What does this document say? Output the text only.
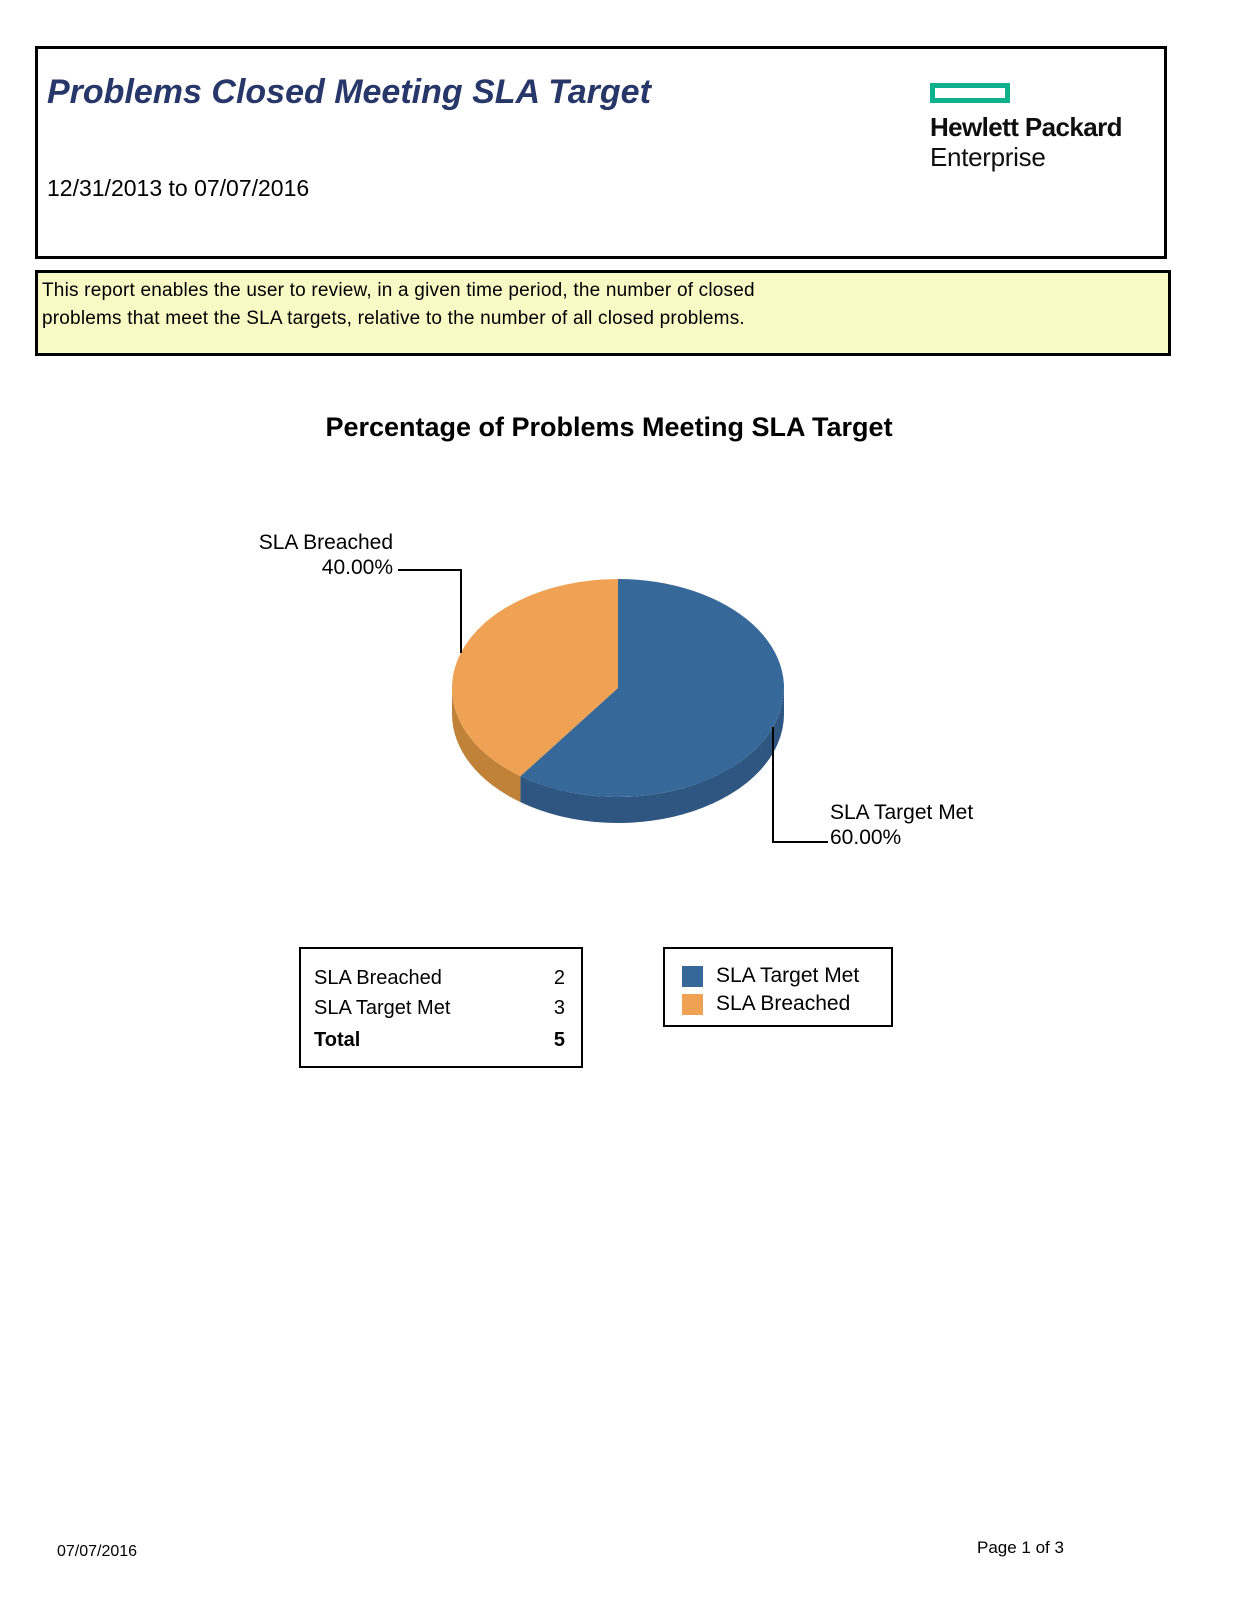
Problems Closed Meeting SLA Target
12/31/2013 to 07/07/2016
Hewlett Packard
Enterprise
This report enables the user to review, in a given time period, the number of closed
problems that meet the SLA targets, relative to the number of all closed problems.
Percentage of Problems Meeting SLA Target
SLA Breached
40.00%
SLA Target Met
60.00%
SLA Breached	2
SLA Target Met	3
Total	5
SLA Target Met
SLA Breached
07/07/2016	Page 1 of 3
